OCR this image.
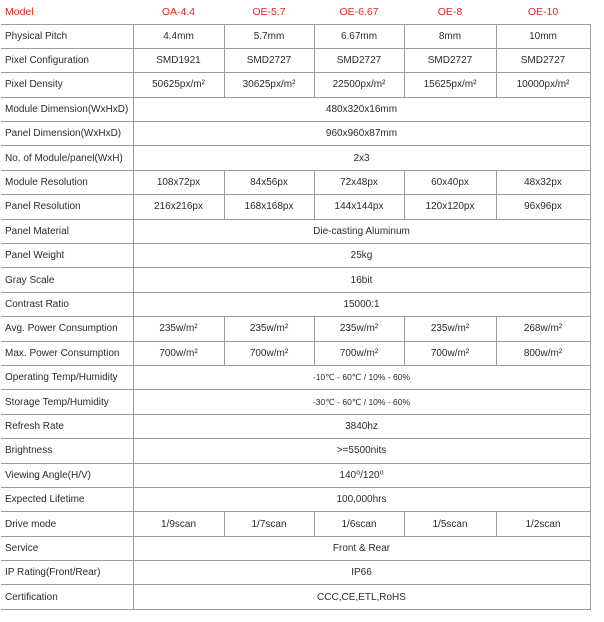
Model	OA-4.4	OE-5.7	OE-6.67	OE-8	OE-10
Physical Pitch	4.4mm	5.7mm	6.67mm	8mm	10mm
Pixel Configuration	SMD1921	SMD2727	SMD2727	SMD2727	SMD2727
Pixel Density	50625px/m²	30625px/m²	22500px/m²	15625px/m²	10000px/m²
Module Dimension(WxHxD)	480x320x16mm				
Panel Dimension(WxHxD)	960x960x87mm				
No. of Module/panel(WxH)	2x3				
Module Resolution	108x72px	84x56px	72x48px	60x40px	48x32px
Panel Resolution	216x216px	168x168px	144x144px	120x120px	96x96px
Panel Material	Die-casting Aluminum				
Panel Weight	25kg				
Gray Scale	16bit				
Contrast Ratio	15000:1				
Avg. Power Consumption	235w/m²	235w/m²	235w/m²	235w/m²	268w/m²
Max. Power Consumption	700w/m²	700w/m²	700w/m²	700w/m²	800w/m²
Operating Temp/Humidity	-10℃ - 60℃ / 10% - 60%				
Storage Temp/Humidity	-30℃ - 60℃ / 10% - 60%				
Refresh Rate	3840hz				
Brightness	>=5500nits				
Viewing Angle(H/V)	140⁰/120⁰				
Expected Lifetime	100,000hrs				
Drive mode	1/9scan	1/7scan	1/6scan	1/5scan	1/2scan
Service	Front & Rear				
IP Rating(Front/Rear)	IP66				
Certification	CCC,CE,ETL,RoHS				
